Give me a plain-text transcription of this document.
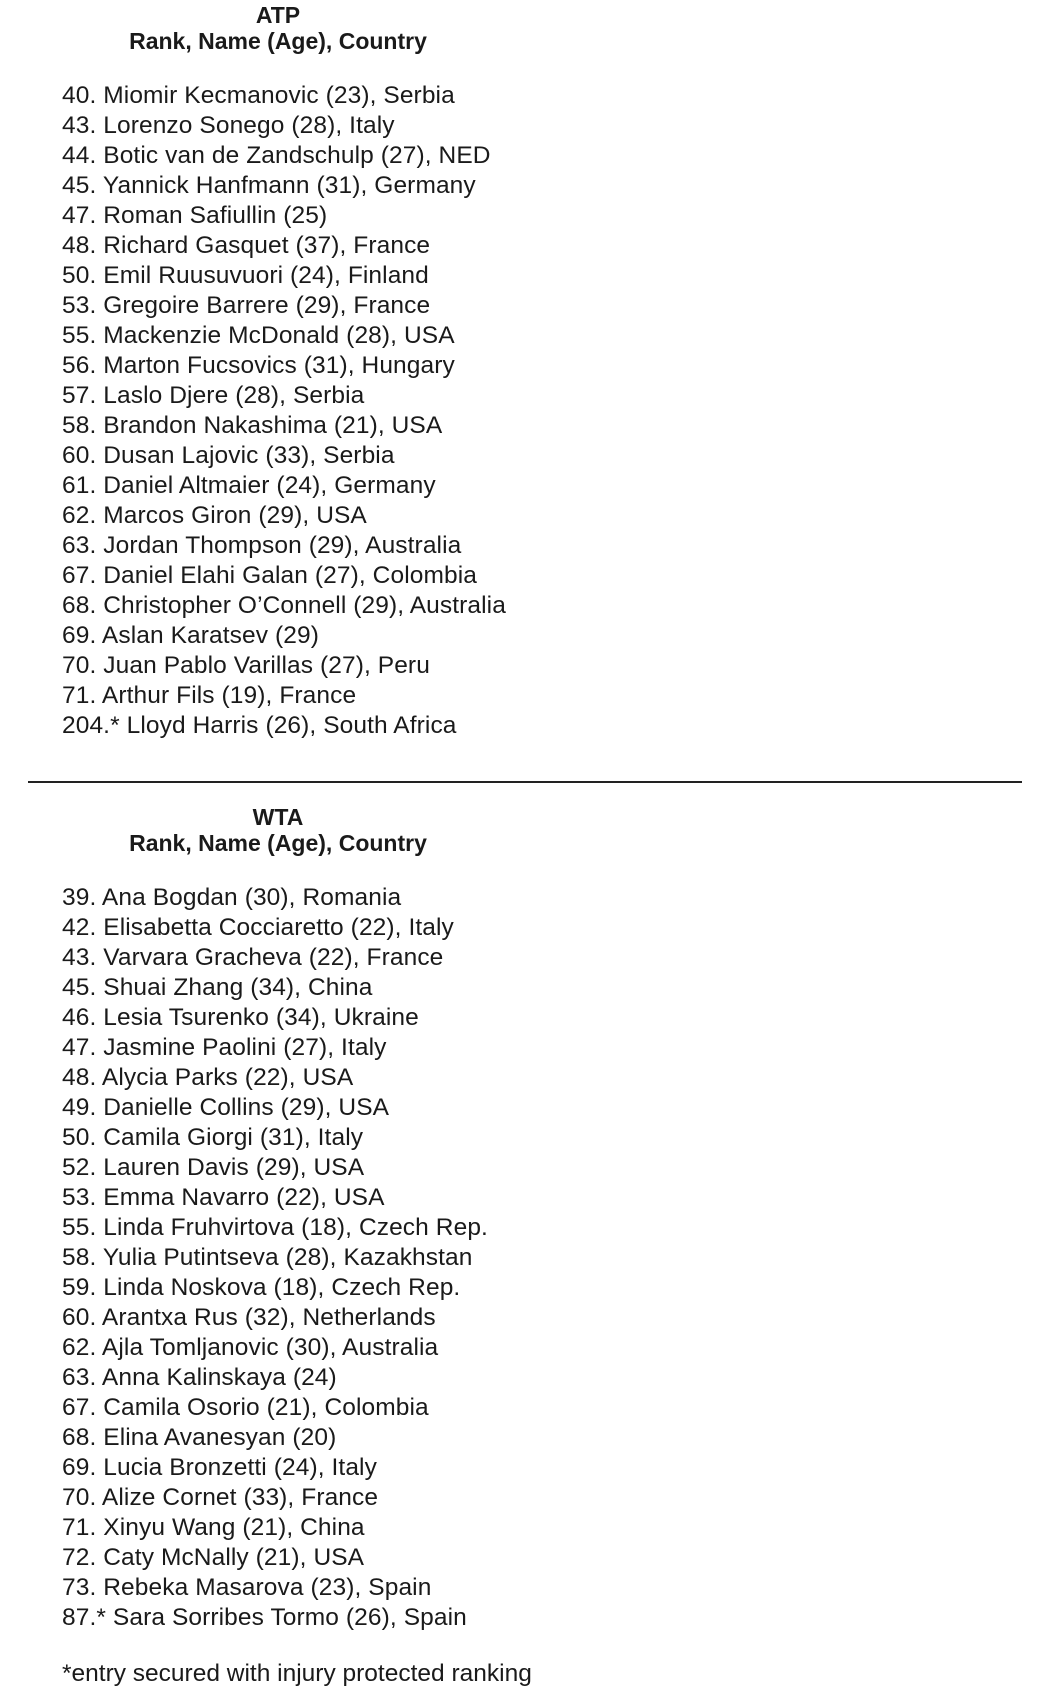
ATP
Rank, Name (Age), Country
40. Miomir Kecmanovic (23), Serbia
43. Lorenzo Sonego (28), Italy
44. Botic van de Zandschulp (27), NED
45. Yannick Hanfmann (31), Germany
47. Roman Safiullin (25)
48. Richard Gasquet (37), France
50. Emil Ruusuvuori (24), Finland
53. Gregoire Barrere (29), France
55. Mackenzie McDonald (28), USA
56. Marton Fucsovics (31), Hungary
57. Laslo Djere (28), Serbia
58. Brandon Nakashima (21), USA
60. Dusan Lajovic (33), Serbia
61. Daniel Altmaier (24), Germany
62. Marcos Giron (29), USA
63. Jordan Thompson (29), Australia
67. Daniel Elahi Galan (27), Colombia
68. Christopher O’Connell (29), Australia
69. Aslan Karatsev (29)
70. Juan Pablo Varillas (27), Peru
71. Arthur Fils (19), France
204.* Lloyd Harris (26), South Africa
WTA
Rank, Name (Age), Country
39. Ana Bogdan (30), Romania
42. Elisabetta Cocciaretto (22), Italy
43. Varvara Gracheva (22), France
45. Shuai Zhang (34), China
46. Lesia Tsurenko (34), Ukraine
47. Jasmine Paolini (27), Italy
48. Alycia Parks (22), USA
49. Danielle Collins (29), USA
50. Camila Giorgi (31), Italy
52. Lauren Davis (29), USA
53. Emma Navarro (22), USA
55. Linda Fruhvirtova (18), Czech Rep.
58. Yulia Putintseva (28), Kazakhstan
59. Linda Noskova (18), Czech Rep.
60. Arantxa Rus (32), Netherlands
62. Ajla Tomljanovic (30), Australia
63. Anna Kalinskaya (24)
67. Camila Osorio (21), Colombia
68. Elina Avanesyan (20)
69. Lucia Bronzetti (24), Italy
70. Alize Cornet (33), France
71. Xinyu Wang (21), China
72. Caty McNally (21), USA
73. Rebeka Masarova (23), Spain
87.* Sara Sorribes Tormo (26), Spain

*entry secured with injury protected ranking
